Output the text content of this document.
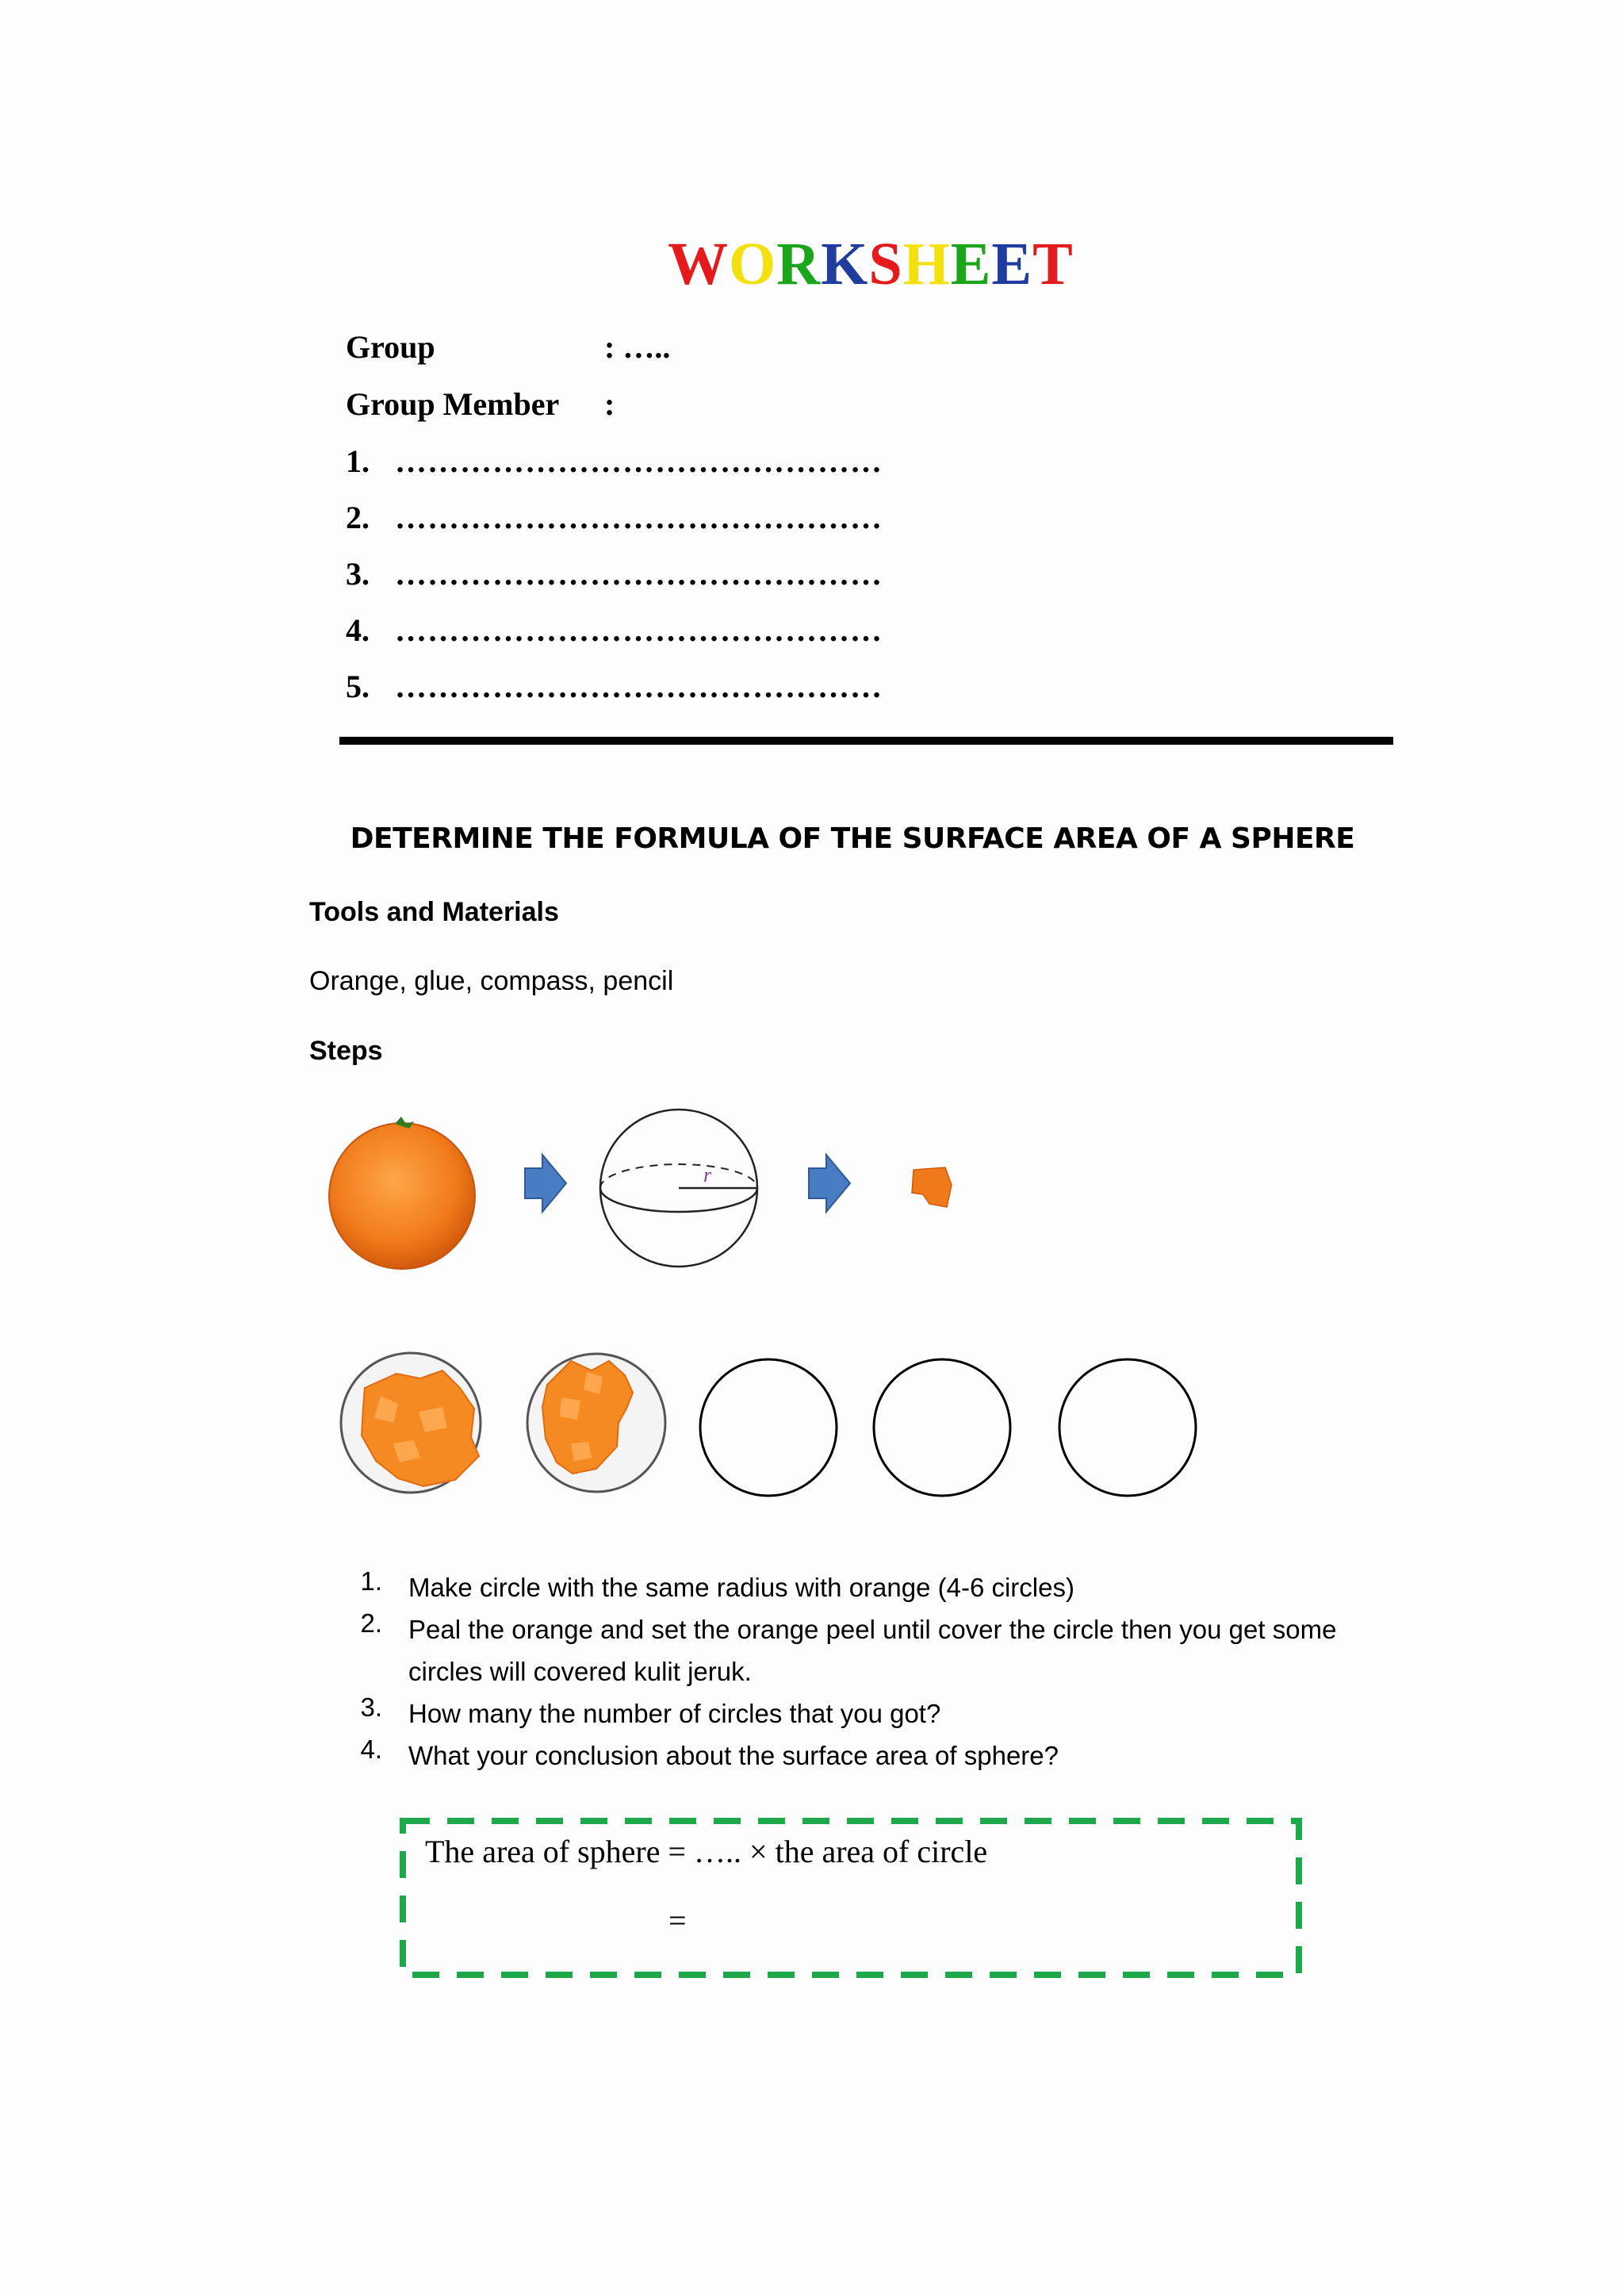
WORKSHEET
Group	: …..
Group Member :
1. ………………………………………
2. ………………………………………
3. ………………………………………
4. ………………………………………
5. ………………………………………
DETERMINE THE FORMULA OF THE SURFACE AREA OF A SPHERE
Tools and Materials
Orange, glue, compass, pencil
Steps
r
1. Make circle with the same radius with orange (4-6 circles)
2. Peal the orange and set the orange peel until cover the circle then you get some
circles will covered kulit jeruk.
3. How many the number of circles that you got?
4. What your conclusion about the surface area of sphere?
The area of sphere = ….. × the area of circle
=
